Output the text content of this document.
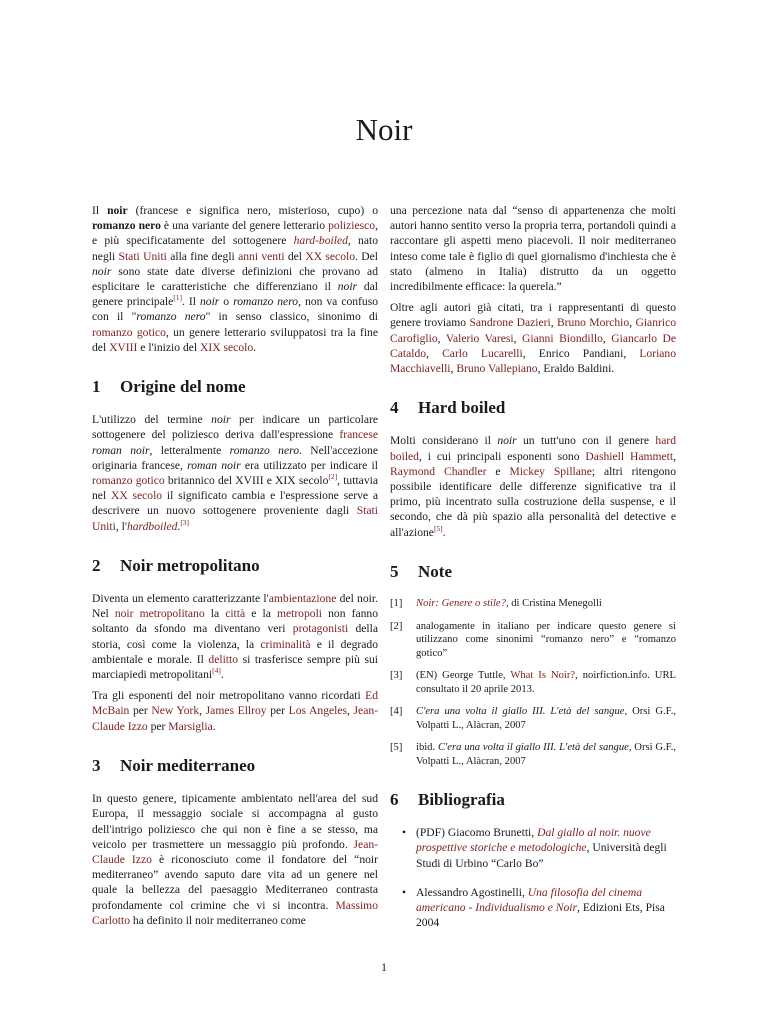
Noir

Il noir (francese e significa nero, misterioso, cupo) o romanzo nero è una variante del genere letterario poliziesco, e più specificatamente del sottogenere hard-boiled, nato negli Stati Uniti alla fine degli anni venti del XX secolo. Del noir sono state date diverse definizioni che provano ad esplicitare le caratteristiche che differenziano il noir dal genere principale[1]. Il noir o romanzo nero, non va confuso con il "romanzo nero" in senso classico, sinonimo di romanzo gotico, un genere letterario sviluppatosi tra la fine del XVIII e l'inizio del XIX secolo.

1	Origine del nome

L'utilizzo del termine noir per indicare un particolare sottogenere del poliziesco deriva dall'espressione francese roman noir, letteralmente romanzo nero. Nell'accezione originaria francese, roman noir era utilizzato per indicare il romanzo gotico britannico del XVIII e XIX secolo[2], tuttavia nel XX secolo il significato cambia e l'espressione serve a descrivere un nuovo sottogenere proveniente dagli Stati Uniti, l'hardboiled.[3]

2	Noir metropolitano

Diventa un elemento caratterizzante l'ambientazione del noir. Nel noir metropolitano la città e la metropoli non fanno soltanto da sfondo ma diventano veri protagonisti della storia, così come la violenza, la criminalità e il degrado ambientale e morale. Il delitto si trasferisce sempre più sui marciapiedi metropolitani[4].

Tra gli esponenti del noir metropolitano vanno ricordati Ed McBain per New York, James Ellroy per Los Angeles, Jean-Claude Izzo per Marsiglia.

3	Noir mediterraneo

In questo genere, tipicamente ambientato nell'area del sud Europa, il messaggio sociale si accompagna al gusto dell'intrigo poliziesco che qui non è fine a se stesso, ma veicolo per trasmettere un messaggio più profondo. Jean-Claude Izzo è riconosciuto come il fondatore del “noir mediterraneo” avendo saputo dare vita ad un genere nel quale la bellezza del paesaggio Mediterraneo contrasta profondamente col crimine che vi si incontra. Massimo Carlotto ha definito il noir mediterraneo come

una percezione nata dal “senso di appartenenza che molti autori hanno sentito verso la propria terra, portandoli quindi a raccontare gli aspetti meno piacevoli. Il noir mediterraneo inteso come tale è figlio di quel giornalismo d'inchiesta che è stato (almeno in Italia) distrutto da un oggetto incredibilmente efficace: la querela.”

Oltre agli autori già citati, tra i rappresentanti di questo genere troviamo Sandrone Dazieri, Bruno Morchio, Gianrico Carofiglio, Valerio Varesi, Gianni Biondillo, Giancarlo De Cataldo, Carlo Lucarelli, Enrico Pandiani, Loriano Macchiavelli, Bruno Vallepiano, Eraldo Baldini.

4	Hard boiled

Molti considerano il noir un tutt'uno con il genere hard boiled, i cui principali esponenti sono Dashiell Hammett, Raymond Chandler e Mickey Spillane; altri ritengono possibile identificare delle differenze significative tra il primo, più incentrato sulla costruzione della suspense, e il secondo, che dà più spazio alla personalità del detective e all'azione[5].

5	Note
[1]	Noir: Genere o stile?, di Cristina Menegolli
[2]	analogamente in italiano per indicare questo genere si utilizzano come sinonimi “romanzo nero” e “romanzo gotico”
[3]	(EN) George Tuttle, What Is Noir?, noirfiction.info. URL consultato il 20 aprile 2013.
[4]	C'era una volta il giallo III. L'età del sangue, Orsi G.F., Volpatti L., Alàcran, 2007
[5]	ibid. C'era una volta il giallo III. L'età del sangue, Orsi G.F., Volpatti L., Alàcran, 2007
6	Bibliografia
• (PDF) Giacomo Brunetti, Dal giallo al noir. nuove prospettive storiche e metodologiche, Università degli Studi di Urbino “Carlo Bo”
• Alessandro Agostinelli, Una filosofia del cinema americano - Individualismo e Noir, Edizioni Ets, Pisa 2004
1
